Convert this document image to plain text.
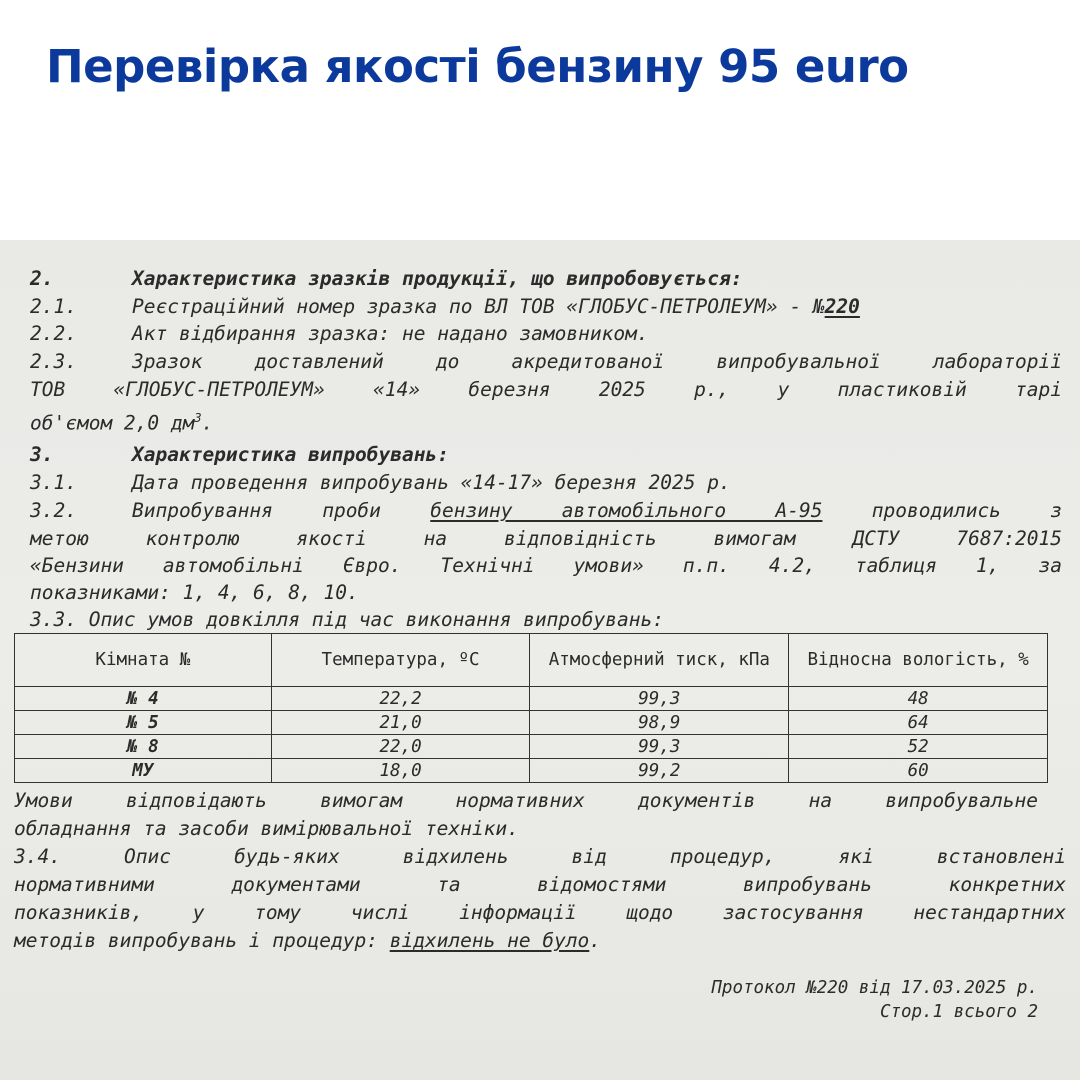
Перевірка якості бензину 95 euro
2.	Характеристика зразків продукції, що випробовується:
2.1.	Реєстраційний номер зразка по ВЛ ТОВ «ГЛОБУС-ПЕТРОЛЕУМ» - №220
2.2.	Акт відбирання зразка: не надано замовником.
2.3.	Зразок доставлений до акредитованої випробувальної лабораторії
ТОВ «ГЛОБУС-ПЕТРОЛЕУМ» «14» березня 2025 р., у пластиковій тарі
об'ємом 2,0 $дм^3$.
3.	Характеристика випробувань:
3.1.	Дата проведення випробувань «14-17» березня 2025 р.
3.2.	Випробування проби	бензину автомобільного А-95	проводились з
метою контролю якості на відповідність вимогам ДСТУ 7687:2015
«Бензини автомобільні Євро. Технічні умови» п.п. 4.2, таблиця 1, за
показниками: 1, 4, 6, 8, 10.
3.3. Опис умов довкілля під час виконання випробувань:
Кімната №	Температура, ºC	Атмосферний тиск, кПа	Відносна вологість, %
№ 4	22,2	99,3	48
№ 5	21,0	98,9	64
№ 8	22,0	99,3	52
МУ	18,0	99,2	60
Умови відповідають вимогам нормативних документів на випробувальне
обладнання та засоби вимірювальної техніки.
3.4. Опис будь-яких відхилень від процедур, які встановлені
нормативними документами та відомостями випробувань конкретних
показників, у тому числі інформації щодо застосування нестандартних
методів випробувань і процедур: відхилень не було.
Протокол №220 від 17.03.2025 р.
Стор.1 всього 2
